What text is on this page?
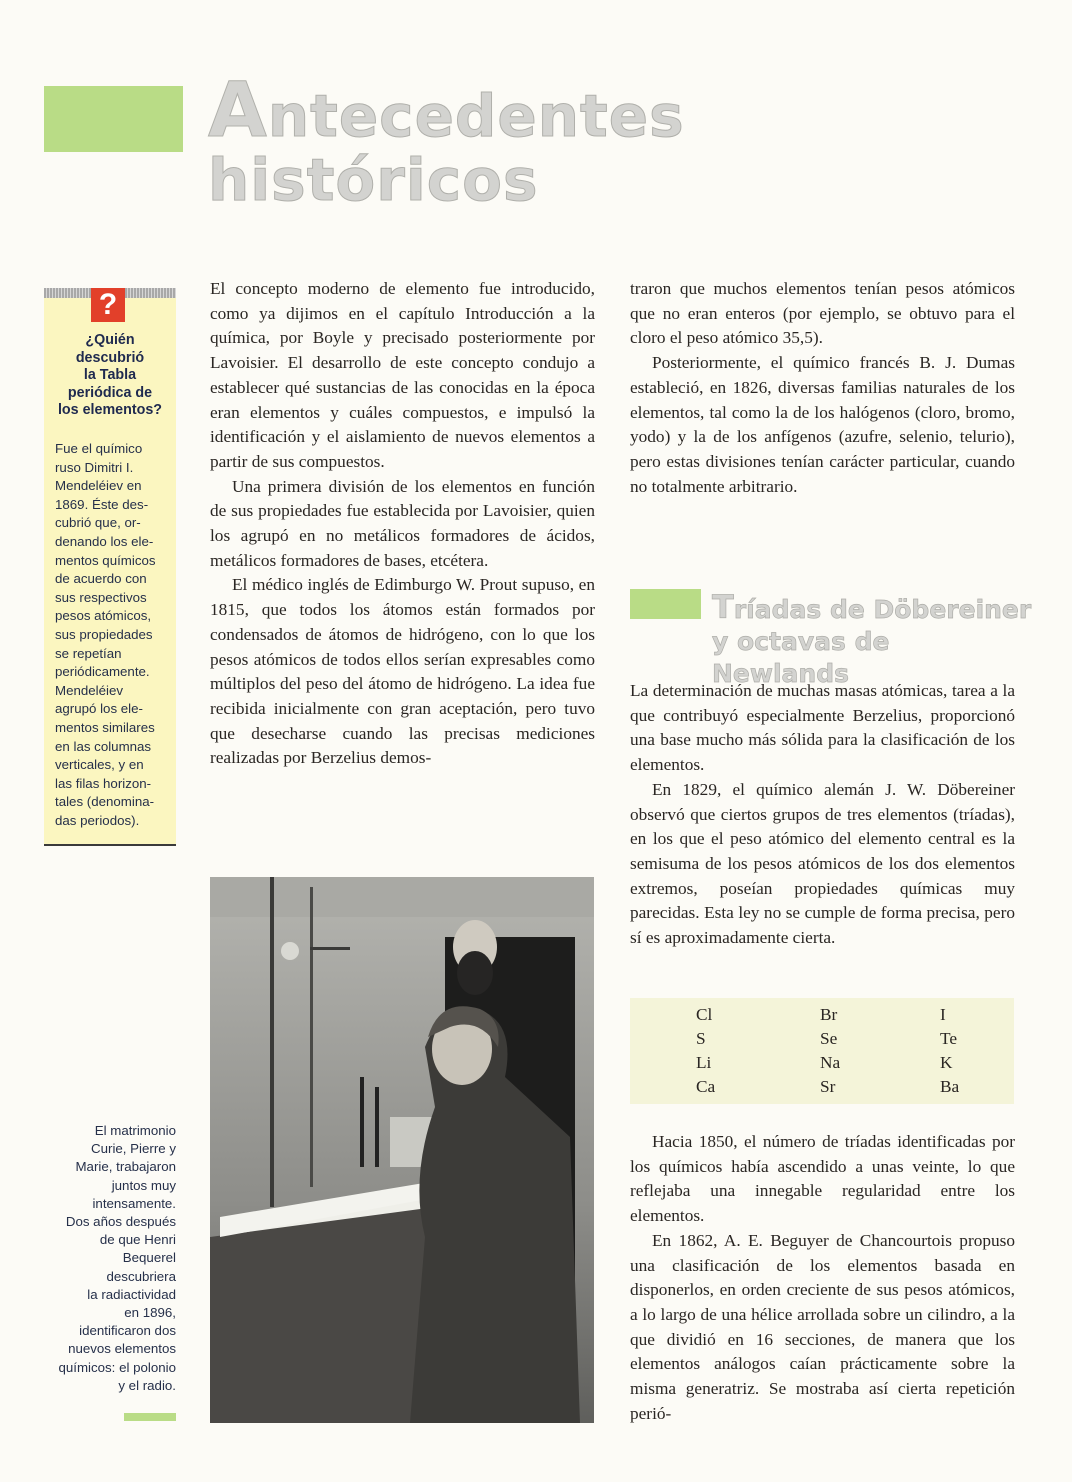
Antecedentes
históricos
?
¿Quién
descubrió
la Tabla
periódica de
los elementos?

Fue el químico
ruso Dimitri I.
Mendeléiev en
1869. Éste des-
cubrió que, or-
denando los ele-
mentos químicos
de acuerdo con
sus respectivos
pesos atómicos,
sus propiedades
se repetían
periódicamente.
Mendeléiev
agrupó los ele-
mentos similares
en las columnas
verticales, y en
las filas horizon-
tales (denomina-
das periodos).

El concepto moderno de elemento fue introducido, como ya dijimos en el capítulo Introducción a la química, por Boyle y precisado posteriormente por Lavoisier. El desarrollo de este concepto condujo a establecer qué sustancias de las conocidas en la época eran elementos y cuáles compuestos, e impulsó la identificación y el aislamiento de nuevos elementos a partir de sus compuestos.

Una primera división de los elementos en función de sus propiedades fue establecida por Lavoisier, quien los agrupó en no metálicos formadores de ácidos, metálicos formadores de bases, etcétera.

El médico inglés de Edimburgo W. Prout supuso, en 1815, que todos los átomos están formados por condensados de átomos de hidrógeno, con lo que los pesos atómicos de todos ellos serían expresables como múltiplos del peso del átomo de hidrógeno. La idea fue recibida inicialmente con gran aceptación, pero tuvo que desecharse cuando las precisas mediciones realizadas por Berzelius demos-

El matrimonio
Curie, Pierre y
Marie, trabajaron
juntos muy
intensamente.
Dos años después
de que Henri
Bequerel
descubriera
la radiactividad
en 1896,
identificaron dos
nuevos elementos
químicos: el polonio
y el radio.

traron que muchos elementos tenían pesos atómicos que no eran enteros (por ejemplo, se obtuvo para el cloro el peso atómico 35,5).

Posteriormente, el químico francés B. J. Dumas estableció, en 1826, diversas familias naturales de los elementos, tal como la de los halógenos (cloro, bromo, yodo) y la de los anfígenos (azufre, selenio, telurio), pero estas divisiones tenían carácter particular, cuando no totalmente arbitrario.

Tríadas de Döbereiner
y octavas de Newlands

La determinación de muchas masas atómicas, tarea a la que contribuyó especialmente Berzelius, proporcionó una base mucho más sólida para la clasificación de los elementos.

En 1829, el químico alemán J. W. Döbereiner observó que ciertos grupos de tres elementos (tríadas), en los que el peso atómico del elemento central es la semisuma de los pesos atómicos de los dos elementos extremos, poseían propiedades químicas muy parecidas. Esta ley no se cumple de forma precisa, pero sí es aproximadamente cierta.

Cl	Br	I
S	Se	Te
Li	Na	K
Ca	Sr	Ba

Hacia 1850, el número de tríadas identificadas por los químicos había ascendido a unas veinte, lo que reflejaba una innegable regularidad entre los elementos.

En 1862, A. E. Beguyer de Chancourtois propuso una clasificación de los elementos basada en disponerlos, en orden creciente de sus pesos atómicos, a lo largo de una hélice arrollada sobre un cilindro, a la que dividió en 16 secciones, de manera que los elementos análogos caían prácticamente sobre la misma generatriz. Se mostraba así cierta repetición perió-
